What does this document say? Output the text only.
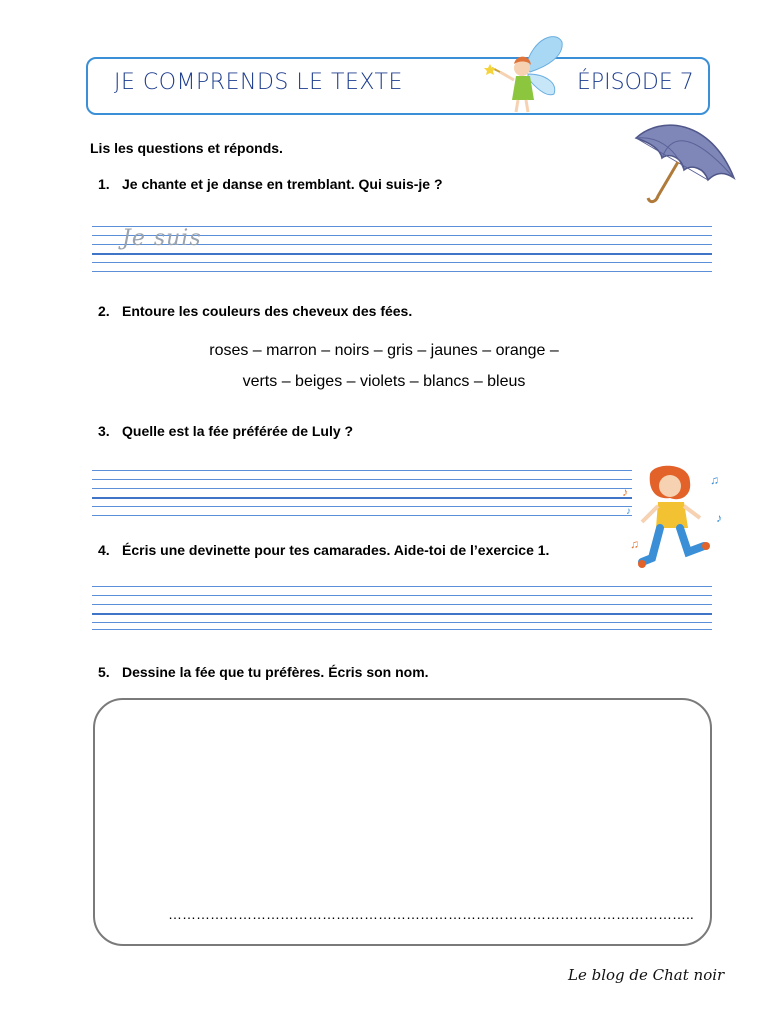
JE COMPRENDS LE TEXTE	ÉPISODE 7
Lis les questions et réponds.
1. Je chante et je danse en tremblant. Qui suis-je ?
Je suis
2. Entoure les couleurs des cheveux des fées.
roses – marron – noirs – gris – jaunes – orange –
verts – beiges – violets – blancs – bleus
3. Quelle est la fée préférée de Luly ?
♪
♫
♪
♫
♪
4. Écris une devinette pour tes camarades. Aide-toi de l’exercice 1.
5. Dessine la fée que tu préfères. Écris son nom.
…………………………………………………………………………………………………..
Le blog de Chat noir
